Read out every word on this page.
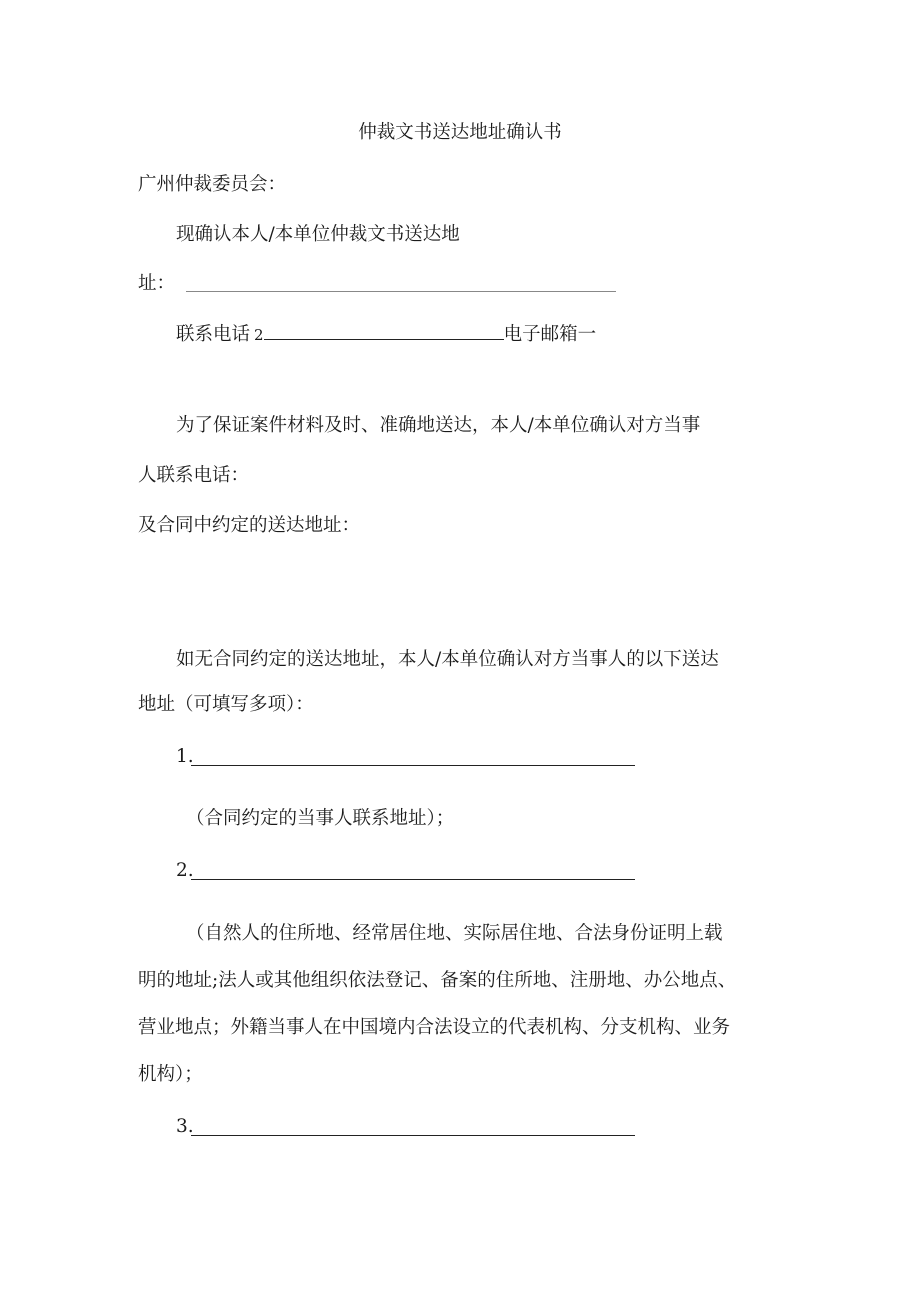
仲裁文书送达地址确认书
广州仲裁委员会：
现确认本人/本单位仲裁文书送达地
址：
联系电话 2	电子邮箱一
为了保证案件材料及时、准确地送达，本人/本单位确认对方当事
人联系电话：
及合同中约定的送达地址：
如无合同约定的送达地址，本人/本单位确认对方当事人的以下送达
地址（可填写多项）：
1.
（合同约定的当事人联系地址）；
2.
（自然人的住所地、经常居住地、实际居住地、合法身份证明上载
明的地址;法人或其他组织依法登记、备案的住所地、注册地、办公地点、
营业地点；外籍当事人在中国境内合法设立的代表机构、分支机构、业务
机构）；
3.
